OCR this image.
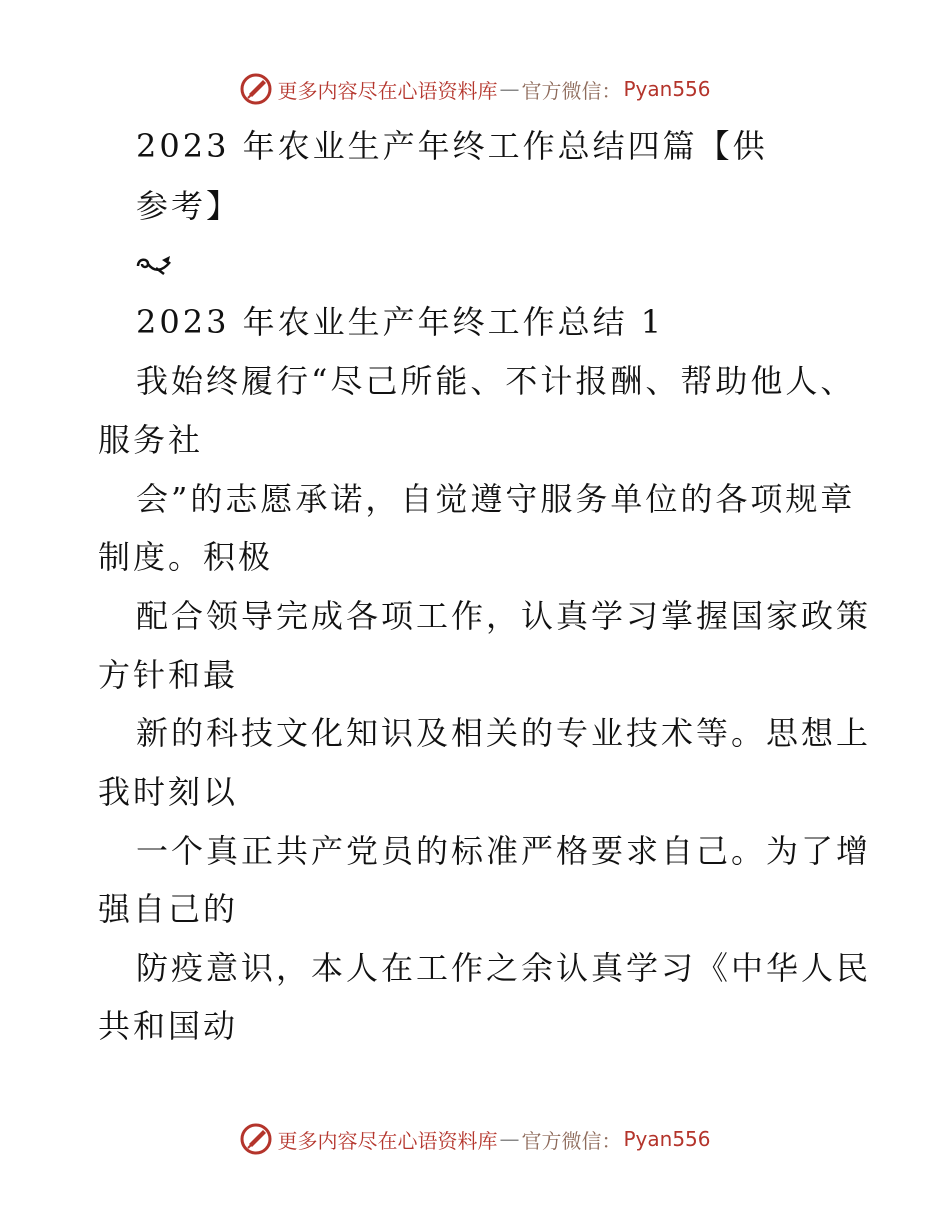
更多内容尽在心语资料库 — 官方微信： Pyan556
2023 年农业生产年终工作总结四篇【供
参考】
2023 年农业生产年终工作总结 1
我始终履行“尽己所能、不计报酬、帮助他人、
服务社
会”的志愿承诺，自觉遵守服务单位的各项规章
制度。积极
配合领导完成各项工作，认真学习掌握国家政策
方针和最
新的科技文化知识及相关的专业技术等。思想上
我时刻以
一个真正共产党员的标准严格要求自己。为了增
强自己的
防疫意识，本人在工作之余认真学习《中华人民
共和国动
更多内容尽在心语资料库 — 官方微信： Pyan556
